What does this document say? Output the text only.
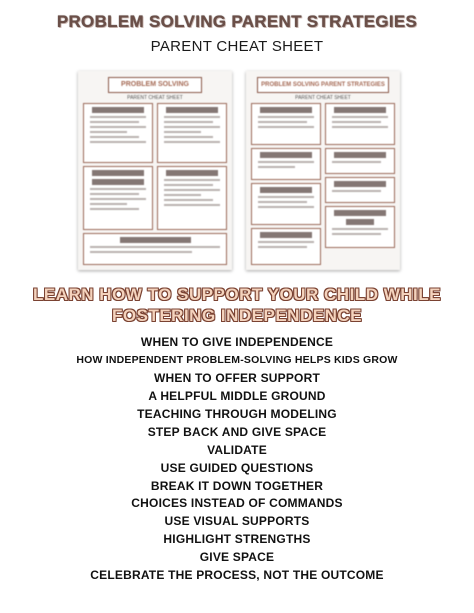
PROBLEM SOLVING PARENT STRATEGIES
PARENT CHEAT SHEET
PROBLEM SOLVING
PARENT CHEAT SHEET
PROBLEM SOLVING PARENT STRATEGIES
PARENT CHEAT SHEET
LEARN HOW TO SUPPORT YOUR CHILD WHILE
FOSTERING INDEPENDENCE
WHEN TO GIVE INDEPENDENCE
HOW INDEPENDENT PROBLEM-SOLVING HELPS KIDS GROW
WHEN TO OFFER SUPPORT
A HELPFUL MIDDLE GROUND
TEACHING THROUGH MODELING
STEP BACK AND GIVE SPACE
VALIDATE
USE GUIDED QUESTIONS
BREAK IT DOWN TOGETHER
CHOICES INSTEAD OF COMMANDS
USE VISUAL SUPPORTS
HIGHLIGHT STRENGTHS
GIVE SPACE
CELEBRATE THE PROCESS, NOT THE OUTCOME
